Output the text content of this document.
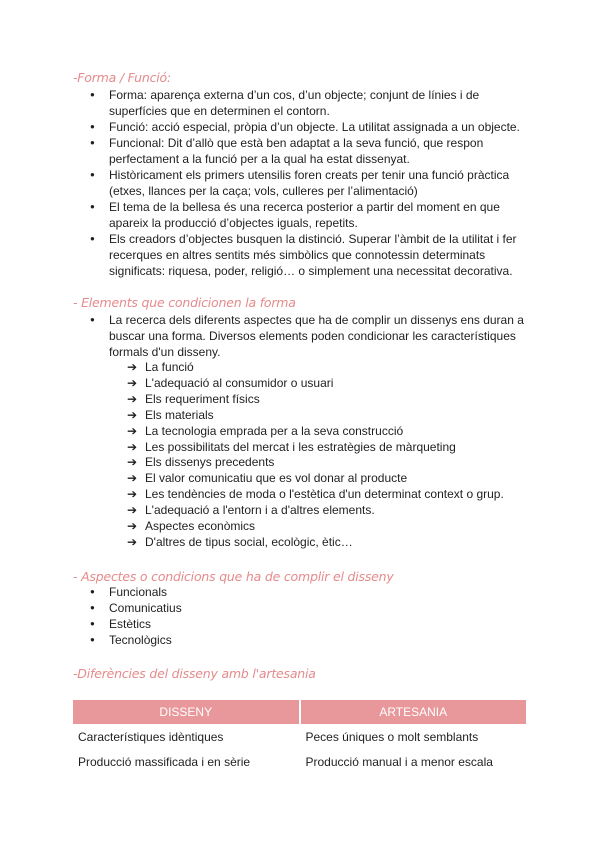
-Forma / Funció:
● Forma: aparença externa d’un cos, d’un objecte; conjunt de línies i de superfícies que en determinen el contorn.
● Funció: acció especial, pròpia d’un objecte. La utilitat assignada a un objecte.
● Funcional: Dit d’allò que està ben adaptat a la seva funció, que respon perfectament a la funció per a la qual ha estat dissenyat.
● Històricament els primers utensilis foren creats per tenir una funció pràctica (etxes, llances per la caça; vols, culleres per l’alimentació)
● El tema de la bellesa és una recerca posterior a partir del moment en que apareix la producció d’objectes iguals, repetits.
● Els creadors d’objectes busquen la distinció. Superar l’àmbit de la utilitat i fer recerques en altres sentits més simbòlics que connotessin determinats significats: riquesa, poder, religió… o simplement una necessitat decorativa.
- Elements que condicionen la forma
● La recerca dels diferents aspectes que ha de complir un dissenys ens duran a buscar una forma. Diversos elements poden condicionar les característiques formals d'un disseny.
➔ La funció
➔ L'adequació al consumidor o usuari
➔ Els requeriment físics
➔ Els materials
➔ La tecnologia emprada per a la seva construcció
➔ Les possibilitats del mercat i les estratègies de màrqueting
➔ Els dissenys precedents
➔ El valor comunicatiu que es vol donar al producte
➔ Les tendències de moda o l'estètica d'un determinat context o grup.
➔ L'adequació a l'entorn i a d'altres elements.
➔ Aspectes econòmics
➔ D'altres de tipus social, ecològic, ètic…
- Aspectes o condicions que ha de complir el disseny
● Funcionals
● Comunicatius
● Estètics
● Tecnològics
-Diferències del disseny amb l'artesania
DISSENY	ARTESANIA
Característiques idèntiques	Peces úniques o molt semblants
Producció massificada i en sèrie	Producció manual i a menor escala
